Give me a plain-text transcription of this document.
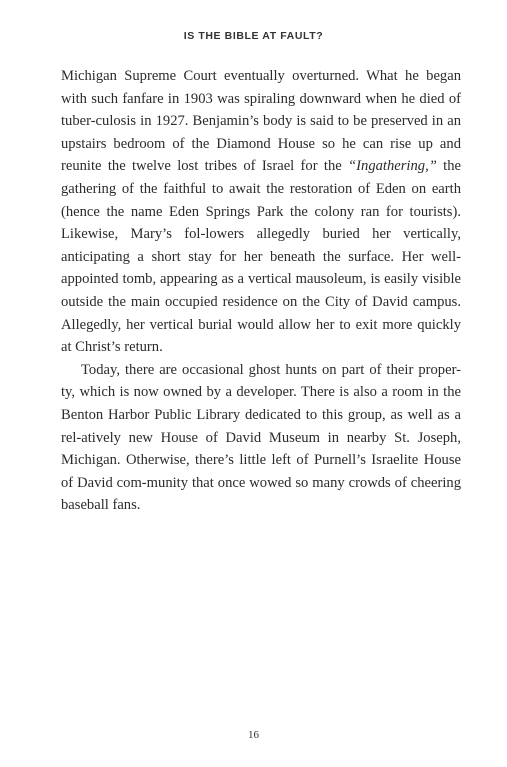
IS THE BIBLE AT FAULT?

Michigan Supreme Court eventually overturned. What he began with such fanfare in 1903 was spiraling downward when he died of tuber-culosis in 1927. Benjamin’s body is said to be preserved in an upstairs bedroom of the Diamond House so he can rise up and reunite the twelve lost tribes of Israel for the “Ingathering,” the gathering of the faithful to await the restoration of Eden on earth (hence the name Eden Springs Park the colony ran for tourists). Likewise, Mary’s fol-lowers allegedly buried her vertically, anticipating a short stay for her beneath the surface. Her well-appointed tomb, appearing as a vertical mausoleum, is easily visible outside the main occupied residence on the City of David campus. Allegedly, her vertical burial would allow her to exit more quickly at Christ’s return.

Today, there are occasional ghost hunts on part of their proper-ty, which is now owned by a developer. There is also a room in the Benton Harbor Public Library dedicated to this group, as well as a rel-atively new House of David Museum in nearby St. Joseph, Michigan. Otherwise, there’s little left of Purnell’s Israelite House of David com-munity that once wowed so many crowds of cheering baseball fans.

16
